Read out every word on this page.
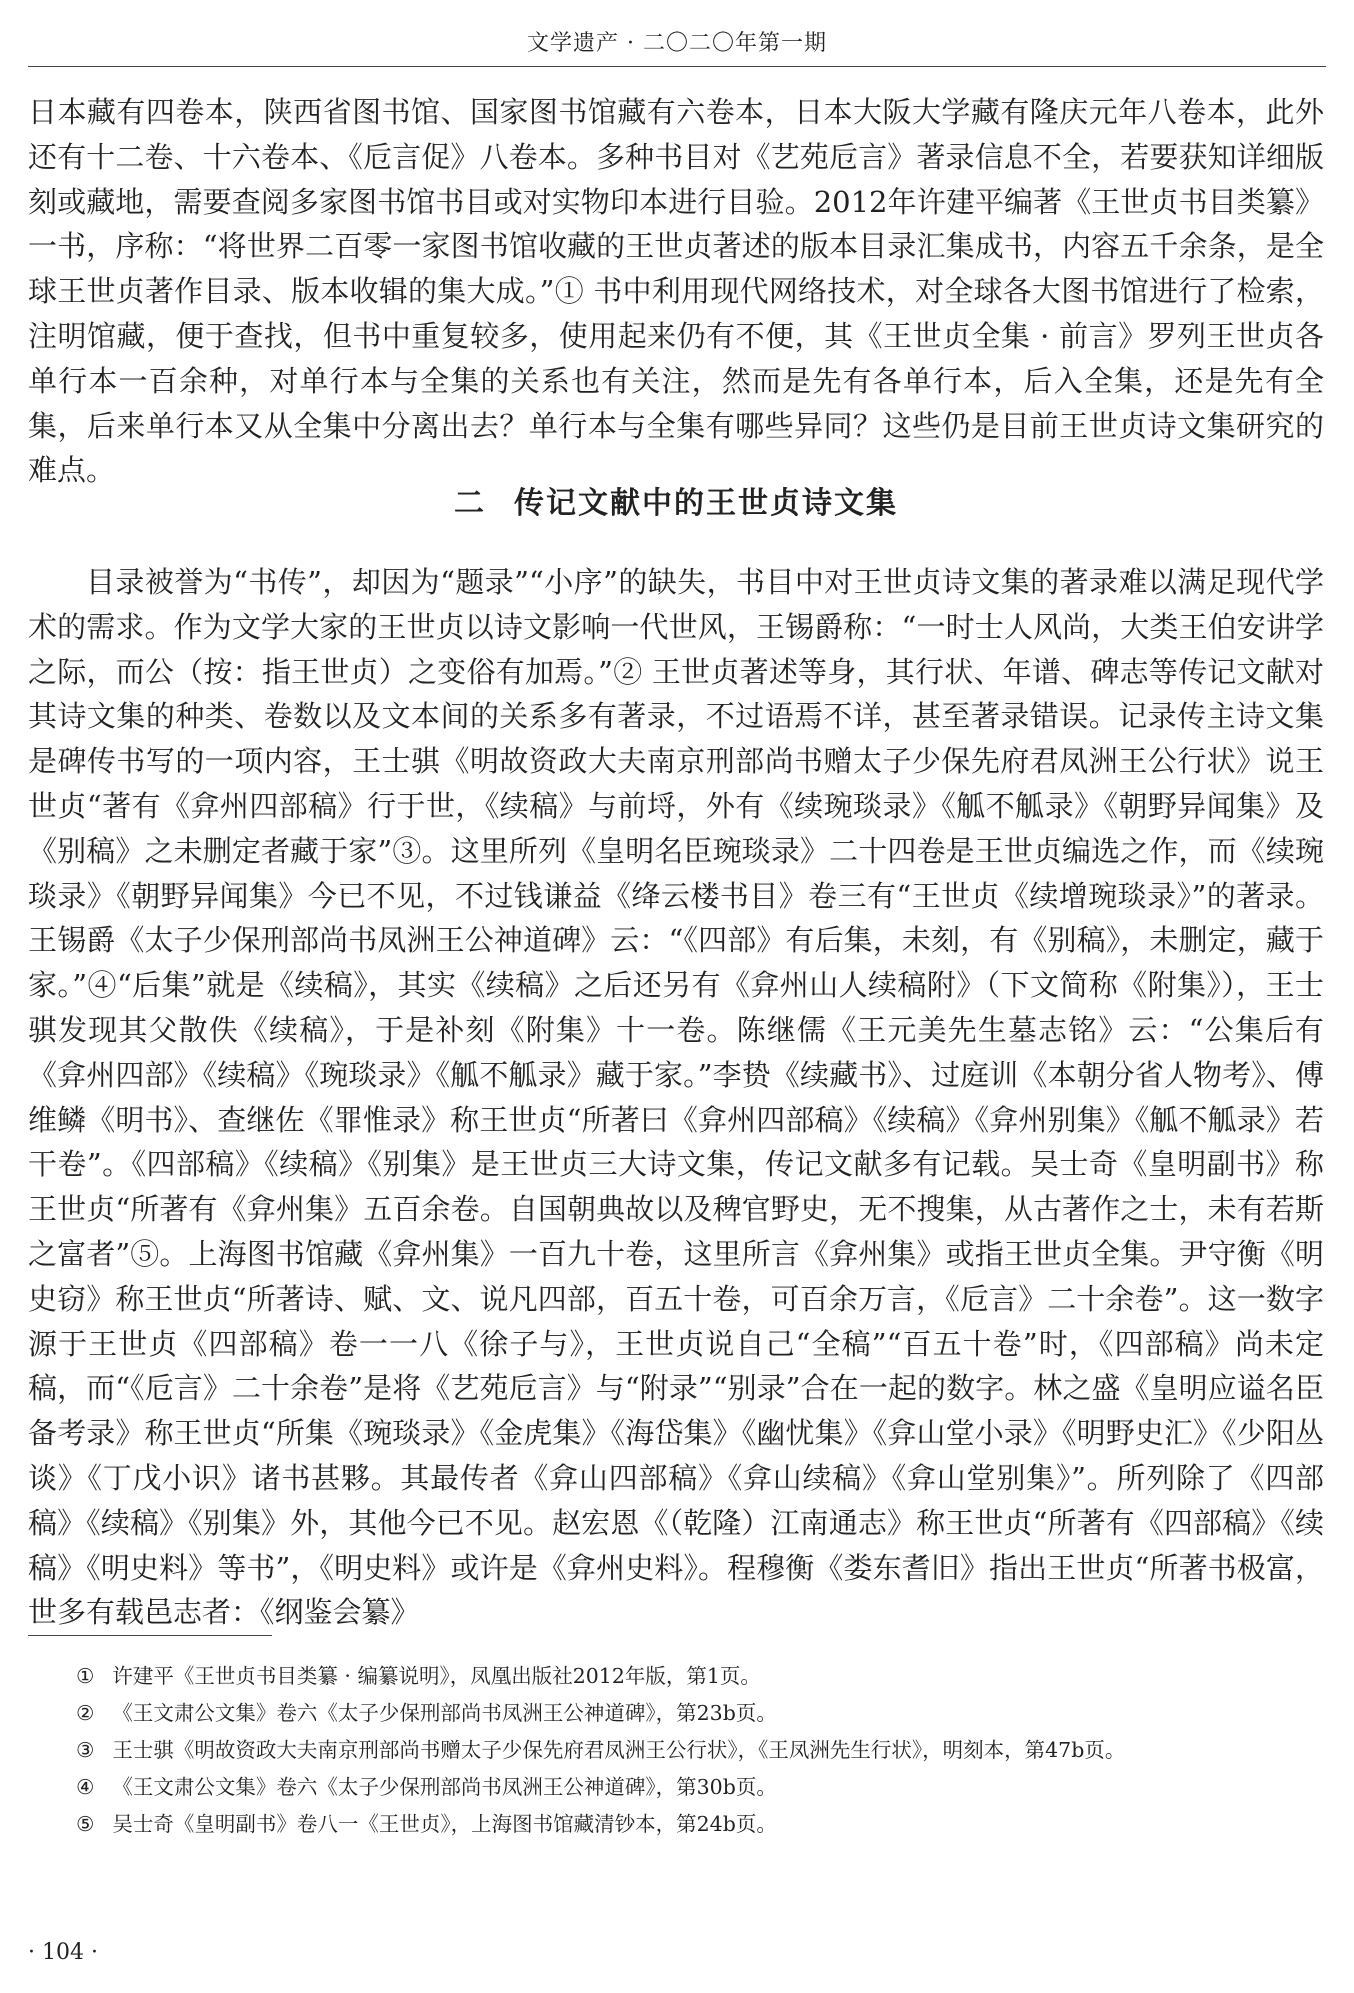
文学遗产 · 二〇二〇年第一期

日本藏有四卷本，陕西省图书馆、国家图书馆藏有六卷本，日本大阪大学藏有隆庆元年八卷本，此外还有十二卷、十六卷本、《卮言促》八卷本。多种书目对《艺苑卮言》著录信息不全，若要获知详细版刻或藏地，需要查阅多家图书馆书目或对实物印本进行目验。2012年许建平编著《王世贞书目类纂》一书，序称：“将世界二百零一家图书馆收藏的王世贞著述的版本目录汇集成书，内容五千余条，是全球王世贞著作目录、版本收辑的集大成。”① 书中利用现代网络技术，对全球各大图书馆进行了检索，注明馆藏，便于查找，但书中重复较多，使用起来仍有不便，其《王世贞全集 · 前言》罗列王世贞各单行本一百余种，对单行本与全集的关系也有关注，然而是先有各单行本，后入全集，还是先有全集，后来单行本又从全集中分离出去？单行本与全集有哪些异同？这些仍是目前王世贞诗文集研究的难点。

二 传记文献中的王世贞诗文集

目录被誉为“书传”，却因为“题录”“小序”的缺失，书目中对王世贞诗文集的著录难以满足现代学术的需求。作为文学大家的王世贞以诗文影响一代世风，王锡爵称：“一时士人风尚，大类王伯安讲学之际，而公（按：指王世贞）之变俗有加焉。”② 王世贞著述等身，其行状、年谱、碑志等传记文献对其诗文集的种类、卷数以及文本间的关系多有著录，不过语焉不详，甚至著录错误。记录传主诗文集是碑传书写的一项内容，王士骐《明故资政大夫南京刑部尚书赠太子少保先府君凤洲王公行状》说王世贞“著有《弇州四部稿》行于世，《续稿》与前埒，外有《续琬琰录》《觚不觚录》《朝野异闻集》及《别稿》之未删定者藏于家”③。这里所列《皇明名臣琬琰录》二十四卷是王世贞编选之作，而《续琬琰录》《朝野异闻集》今已不见，不过钱谦益《绛云楼书目》卷三有“王世贞《续增琬琰录》”的著录。王锡爵《太子少保刑部尚书凤洲王公神道碑》云：“《四部》有后集，未刻，有《别稿》，未删定，藏于家。”④“后集”就是《续稿》，其实《续稿》之后还另有《弇州山人续稿附》（下文简称《附集》），王士骐发现其父散佚《续稿》，于是补刻《附集》十一卷。陈继儒《王元美先生墓志铭》云：“公集后有《弇州四部》《续稿》《琬琰录》《觚不觚录》藏于家。”李贽《续藏书》、过庭训《本朝分省人物考》、傅维鳞《明书》、查继佐《罪惟录》称王世贞“所著曰《弇州四部稿》《续稿》《弇州别集》《觚不觚录》若干卷”。《四部稿》《续稿》《别集》是王世贞三大诗文集，传记文献多有记载。吴士奇《皇明副书》称王世贞“所著有《弇州集》五百余卷。自国朝典故以及稗官野史，无不搜集，从古著作之士，未有若斯之富者”⑤。上海图书馆藏《弇州集》一百九十卷，这里所言《弇州集》或指王世贞全集。尹守衡《明史窃》称王世贞“所著诗、赋、文、说凡四部，百五十卷，可百余万言，《卮言》二十余卷”。这一数字源于王世贞《四部稿》卷一一八《徐子与》，王世贞说自己“全稿”“百五十卷”时，《四部稿》尚未定稿，而“《卮言》二十余卷”是将《艺苑卮言》与“附录”“别录”合在一起的数字。林之盛《皇明应谥名臣备考录》称王世贞“所集《琬琰录》《金虎集》《海岱集》《幽忧集》《弇山堂小录》《明野史汇》《少阳丛谈》《丁戊小识》诸书甚夥。其最传者《弇山四部稿》《弇山续稿》《弇山堂别集》”。所列除了《四部稿》《续稿》《别集》外，其他今已不见。赵宏恩《（乾隆）江南通志》称王世贞“所著有《四部稿》《续稿》《明史料》等书”，《明史料》或许是《弇州史料》。程穆衡《娄东耆旧》指出王世贞“所著书极富，世多有载邑志者：《纲鉴会纂》

① 许建平《王世贞书目类纂 · 编纂说明》，凤凰出版社2012年版，第1页。

② 《王文肃公文集》卷六《太子少保刑部尚书凤洲王公神道碑》，第23b页。

③ 王士骐《明故资政大夫南京刑部尚书赠太子少保先府君凤洲王公行状》，《王凤洲先生行状》，明刻本，第47b页。

④ 《王文肃公文集》卷六《太子少保刑部尚书凤洲王公神道碑》，第30b页。

⑤ 吴士奇《皇明副书》卷八一《王世贞》，上海图书馆藏清钞本，第24b页。

· 104 ·
